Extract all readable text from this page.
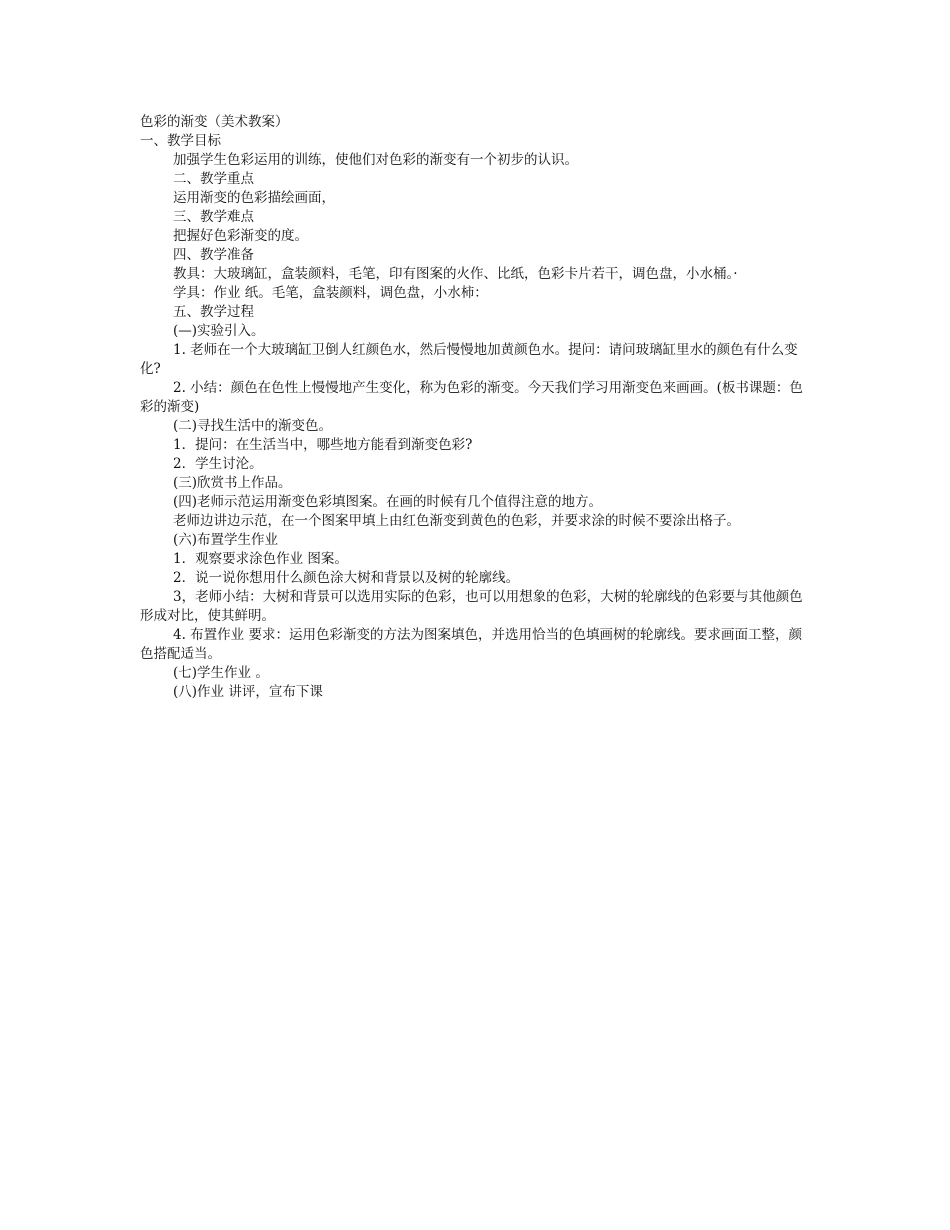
色彩的渐变（美术教案）

一、教学目标

加强学生色彩运用的训练，使他们对色彩的渐变有一个初步的认识。

二、教学重点

运用渐变的色彩描绘画面，

三、教学难点

把握好色彩渐变的度。

四、教学准备

教具：大玻璃缸，盒装颜料，毛笔，印有图案的火作、比纸，色彩卡片若干，调色盘，小水桶。·

学具：作业 纸。毛笔，盒装颜料，调色盘，小水柿：

五、教学过程

(—)实验引入。

1. 老师在一个大玻璃缸卫倒人红颜色水，然后慢慢地加黄颜色水。提问：请问玻璃缸里水的颜色有什么变化?

2. 小结：颜色在色性上慢慢地产生变化，称为色彩的渐变。今天我们学习用渐变色来画画。(板书课题：色彩的渐变)

(二)寻找生活中的渐变色。

1．提问：在生活当中，哪些地方能看到渐变色彩?

2．学生讨沦。

(三)欣赏书上作品。

(四)老师示范运用渐变色彩填图案。在画的时候有几个值得注意的地方。

老师边讲边示范，在一个图案甲填上由红色渐变到黄色的色彩，并要求涂的时候不要涂出格子。

(六)布置学生作业

1．观察要求涂色作业 图案。

2．说一说你想用什么颜色涂大树和背景以及树的轮廓线。

3，老师小结：大树和背景可以选用实际的色彩，也可以用想象的色彩，大树的轮廓线的色彩要与其他颜色形成对比，使其鲜明。

4. 布置作业 要求：运用色彩渐变的方法为图案填色，并选用恰当的色填画树的轮廓线。要求画面工整，颜色搭配适当。

(七)学生作业 。

(八)作业 讲评，宣布下课
